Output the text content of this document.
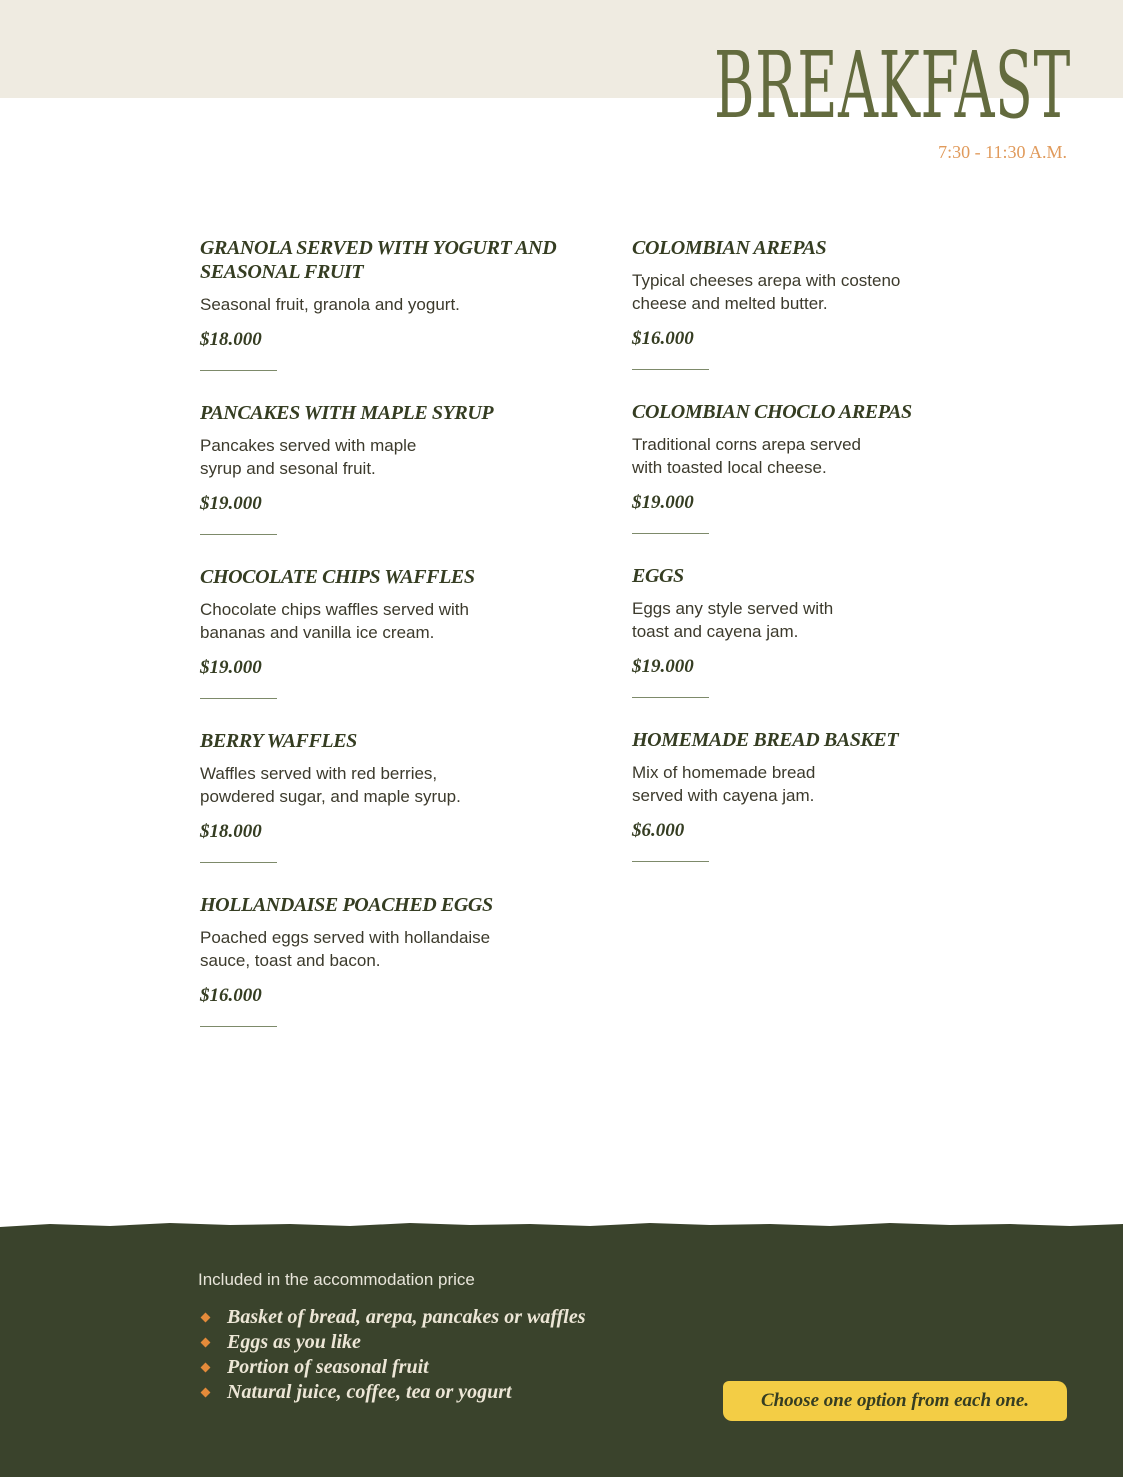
BREAKFAST
7:30 - 11:30 A.M.

GRANOLA SERVED WITH YOGURT AND SEASONAL FRUIT

Seasonal fruit, granola and yogurt.

$18.000

PANCAKES WITH MAPLE SYRUP

Pancakes served with maple
syrup and sesonal fruit.

$19.000

CHOCOLATE CHIPS WAFFLES

Chocolate chips waffles served with
bananas and vanilla ice cream.

$19.000

BERRY WAFFLES

Waffles served with red berries,
powdered sugar, and maple syrup.

$18.000

HOLLANDAISE POACHED EGGS

Poached eggs served with hollandaise
sauce, toast and bacon.

$16.000

COLOMBIAN AREPAS

Typical cheeses arepa with costeno
cheese and melted butter.

$16.000

COLOMBIAN CHOCLO AREPAS

Traditional corns arepa served
with toasted local cheese.

$19.000

EGGS

Eggs any style served with
toast and cayena jam.

$19.000

HOMEMADE BREAD BASKET

Mix of homemade bread
served with cayena jam.

$6.000

Included in the accommodation price

Basket of bread, arepa, pancakes or waffles
Eggs as you like
Portion of seasonal fruit
Natural juice, coffee, tea or yogurt	Choose one option from each one.
